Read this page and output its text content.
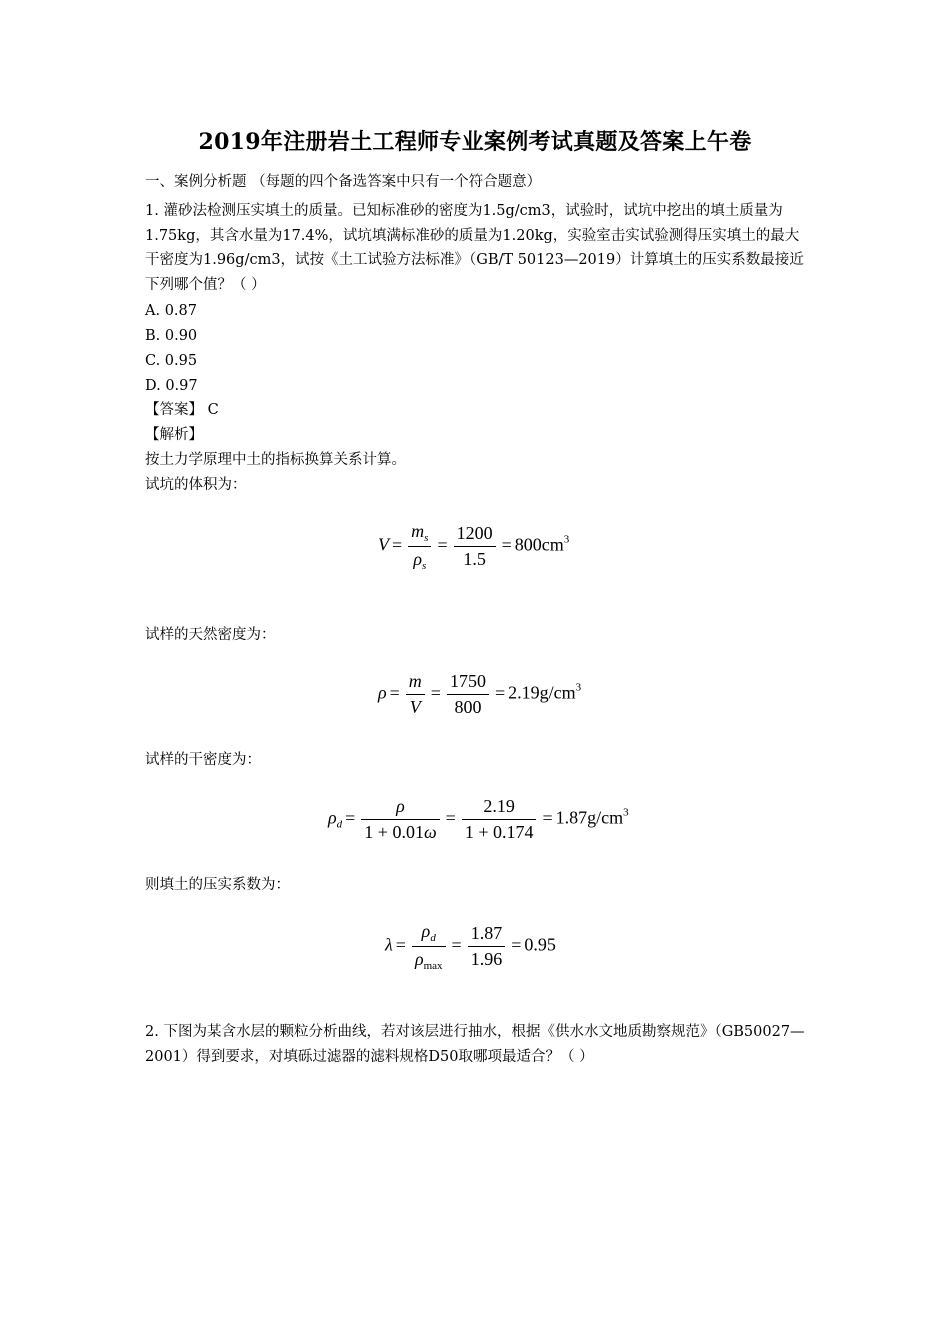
2019年注册岩土工程师专业案例考试真题及答案上午卷
一、案例分析题 （每题的四个备选答案中只有一个符合题意）

1. 灌砂法检测压实填土的质量。已知标准砂的密度为1.5g/cm3，试验时，试坑中挖出的填土质量为1.75kg，其含水量为17.4%，试坑填满标准砂的质量为1.20kg，实验室击实试验测得压实填土的最大干密度为1.96g/cm3，试按《土工试验方法标准》（GB/T 50123—2019）计算填土的压实系数最接近下列哪个值？（ ）

A. 0.87
B. 0.90
C. 0.95
D. 0.97
【答案】 C
【解析】
按土力学原理中土的指标换算关系计算。
试坑的体积为：
$V = \frac{m_s}{\rho_s} = \frac{1200}{1.5} = 800cm^3$
试样的天然密度为：
$\rho = \frac{m}{V} = \frac{1750}{800} = 2.19g/cm^3$
试样的干密度为：
$\rho_d = \frac{\rho}{1 + 0.01\omega} = \frac{2.19}{1 + 0.174} = 1.87g/cm^3$
则填土的压实系数为：
$\lambda = \frac{\rho_d}{\rho_{max}} = \frac{1.87}{1.96} = 0.95$

2. 下图为某含水层的颗粒分析曲线，若对该层进行抽水，根据《供水水文地质勘察规范》（GB50027—2001）得到要求，对填砾过滤器的滤料规格D50取哪项最适合？（ ）
